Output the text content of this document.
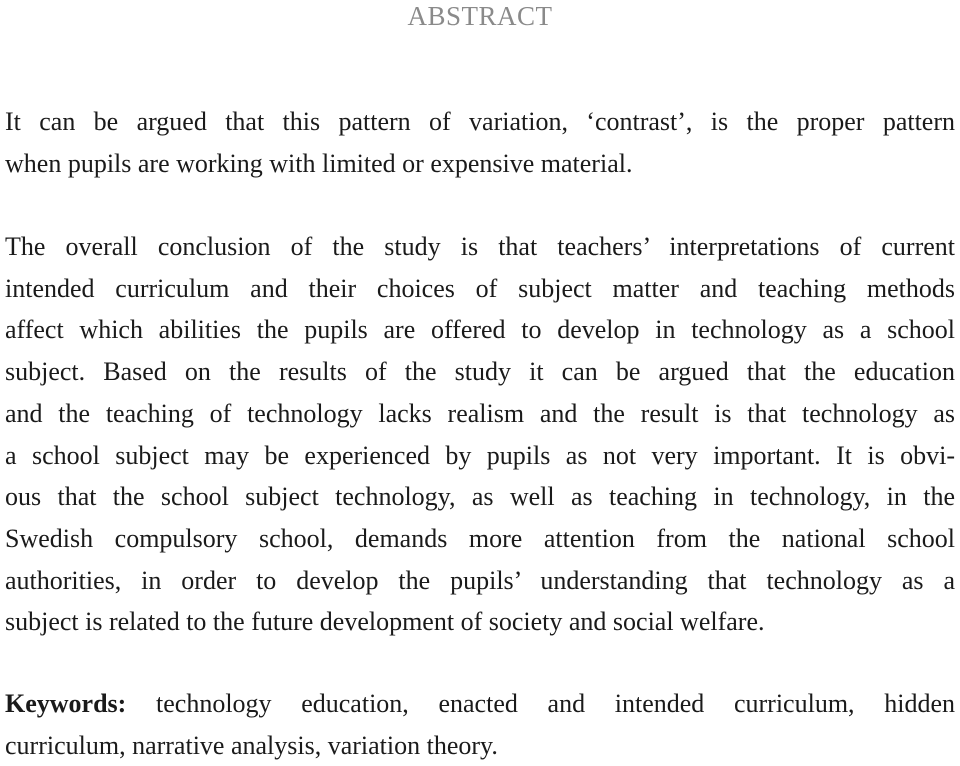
ABSTRACT
It can be argued that this pattern of variation, ‘contrast’, is the proper pattern
when pupils are working with limited or expensive material.
The overall conclusion of the study is that teachers’ interpretations of current
intended curriculum and their choices of subject matter and teaching methods
affect which abilities the pupils are offered to develop in technology as a school
subject. Based on the results of the study it can be argued that the education
and the teaching of technology lacks realism and the result is that technology as
a school subject may be experienced by pupils as not very important. It is obvi-
ous that the school subject technology, as well as teaching in technology, in the
Swedish compulsory school, demands more attention from the national school
authorities, in order to develop the pupils’ understanding that technology as a
subject is related to the future development of society and social welfare.
Keywords: technology education, enacted and intended curriculum, hidden
curriculum, narrative analysis, variation theory.
